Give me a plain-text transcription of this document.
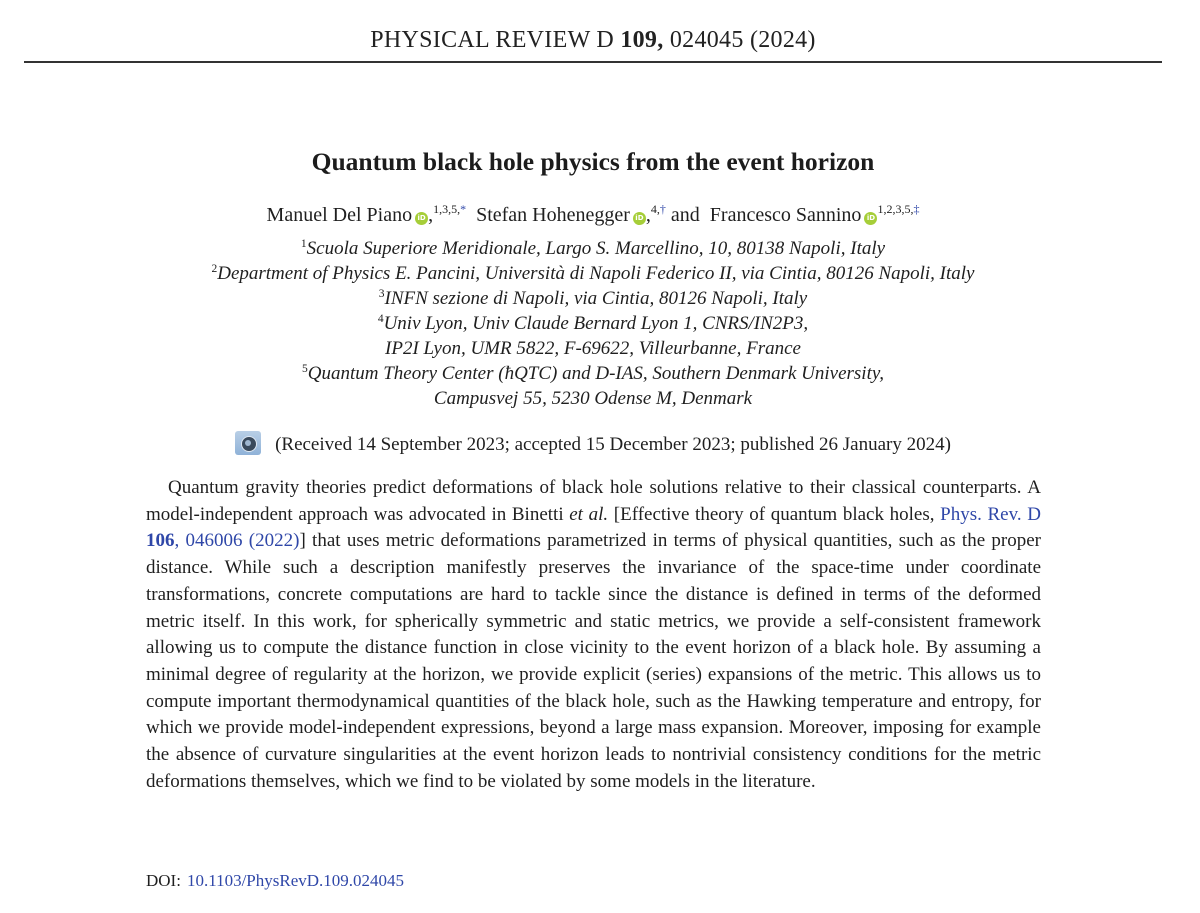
PHYSICAL REVIEW D 109, 024045 (2024)
Quantum black hole physics from the event horizon
Manuel Del Piano iD ,$^{1,3,5,*}$ Stefan Hohenegger iD ,$^{4,\dagger}$ and Francesco Sannino iD$^{1,2,3,5,\ddagger}$
$^1$Scuola Superiore Meridionale, Largo S. Marcellino, 10, 80138 Napoli, Italy
$^2$Department of Physics E. Pancini, Università di Napoli Federico II, via Cintia, 80126 Napoli, Italy
$^3$INFN sezione di Napoli, via Cintia, 80126 Napoli, Italy
$^4$Univ Lyon, Univ Claude Bernard Lyon 1, CNRS/IN2P3,
IP2I Lyon, UMR 5822, F-69622, Villeurbanne, France
$^5$Quantum Theory Center (ħQTC) and D-IAS, Southern Denmark University,
Campusvej 55, 5230 Odense M, Denmark
(Received 14 September 2023; accepted 15 December 2023; published 26 January 2024)

Quantum gravity theories predict deformations of black hole solutions relative to their classical counterparts. A model-independent approach was advocated in Binetti et al. [Effective theory of quantum black holes, Phys. Rev. D 106, 046006 (2022)] that uses metric deformations parametrized in terms of physical quantities, such as the proper distance. While such a description manifestly preserves the invariance of the space-time under coordinate transformations, concrete computations are hard to tackle since the distance is defined in terms of the deformed metric itself. In this work, for spherically symmetric and static metrics, we provide a self-consistent framework allowing us to compute the distance function in close vicinity to the event horizon of a black hole. By assuming a minimal degree of regularity at the horizon, we provide explicit (series) expansions of the metric. This allows us to compute important thermodynamical quantities of the black hole, such as the Hawking temperature and entropy, for which we provide model-independent expressions, beyond a large mass expansion. Moreover, imposing for example the absence of curvature singularities at the event horizon leads to nontrivial consistency conditions for the metric deformations themselves, which we find to be violated by some models in the literature.

DOI: 10.1103/PhysRevD.109.024045
